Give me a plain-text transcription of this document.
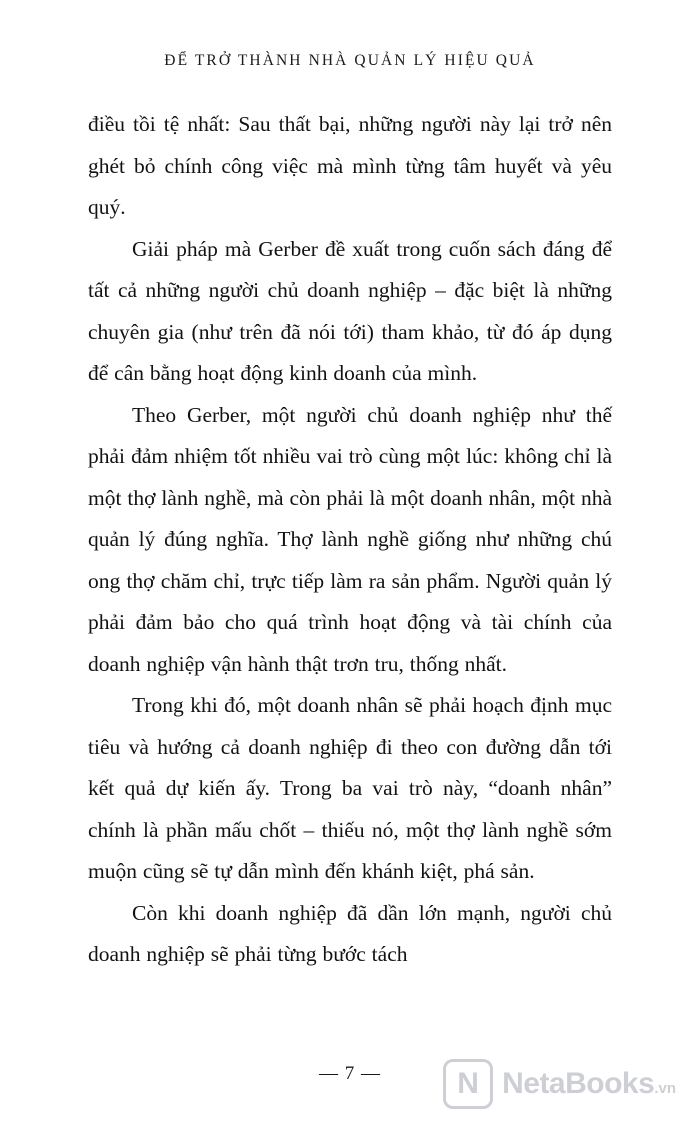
ĐỂ TRỞ THÀNH NHÀ QUẢN LÝ HIỆU QUẢ

điều tồi tệ nhất: Sau thất bại, những người này lại trở nên ghét bỏ chính công việc mà mình từng tâm huyết và yêu quý.

Giải pháp mà Gerber đề xuất trong cuốn sách đáng để tất cả những người chủ doanh nghiệp – đặc biệt là những chuyên gia (như trên đã nói tới) tham khảo, từ đó áp dụng để cân bằng hoạt động kinh doanh của mình.

Theo Gerber, một người chủ doanh nghiệp như thế phải đảm nhiệm tốt nhiều vai trò cùng một lúc: không chỉ là một thợ lành nghề, mà còn phải là một doanh nhân, một nhà quản lý đúng nghĩa. Thợ lành nghề giống như những chú ong thợ chăm chỉ, trực tiếp làm ra sản phẩm. Người quản lý phải đảm bảo cho quá trình hoạt động và tài chính của doanh nghiệp vận hành thật trơn tru, thống nhất.

Trong khi đó, một doanh nhân sẽ phải hoạch định mục tiêu và hướng cả doanh nghiệp đi theo con đường dẫn tới kết quả dự kiến ấy. Trong ba vai trò này, “doanh nhân” chính là phần mấu chốt – thiếu nó, một thợ lành nghề sớm muộn cũng sẽ tự dẫn mình đến khánh kiệt, phá sản.

Còn khi doanh nghiệp đã dần lớn mạnh, người chủ doanh nghiệp sẽ phải từng bước tách

— 7 — N	NetaBooks.vn
